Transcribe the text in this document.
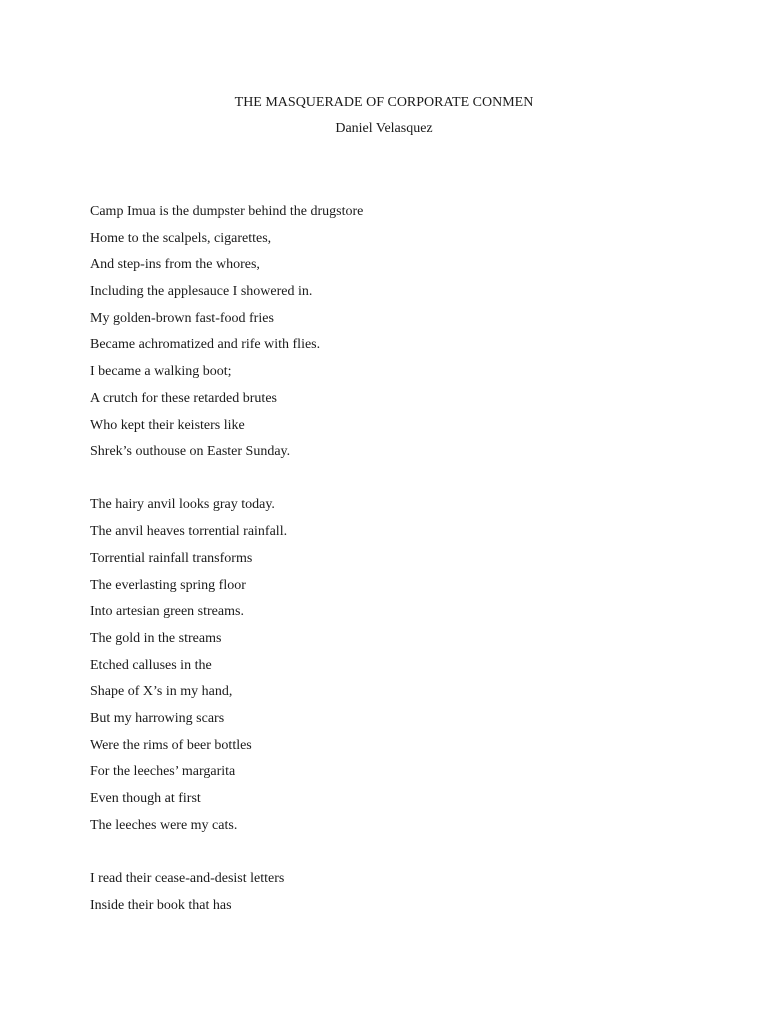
THE MASQUERADE OF CORPORATE CONMEN
Daniel Velasquez
Camp Imua is the dumpster behind the drugstore
Home to the scalpels, cigarettes,
And step-ins from the whores,
Including the applesauce I showered in.
My golden-brown fast-food fries
Became achromatized and rife with flies.
I became a walking boot;
A crutch for these retarded brutes
Who kept their keisters like
Shrek’s outhouse on Easter Sunday.
The hairy anvil looks gray today.
The anvil heaves torrential rainfall.
Torrential rainfall transforms
The everlasting spring floor
Into artesian green streams.
The gold in the streams
Etched calluses in the
Shape of X’s in my hand,
But my harrowing scars
Were the rims of beer bottles
For the leeches’ margarita
Even though at first
The leeches were my cats.
I read their cease-and-desist letters
Inside their book that has
